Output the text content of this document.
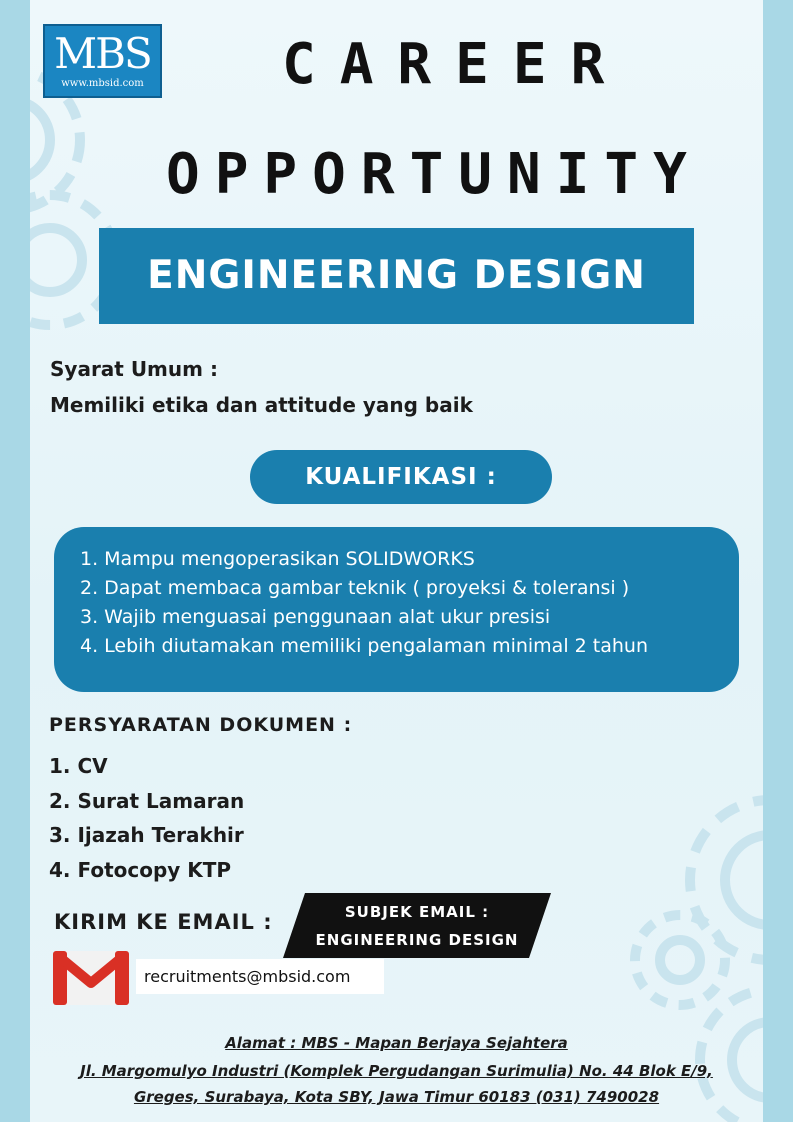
MBS
www.mbsid.com CAREER
OPPORTUNITY
ENGINEERING DESIGN
Syarat Umum :
Memiliki etika dan attitude yang baik
KUALIFIKASI :
1. Mampu mengoperasikan SOLIDWORKS
2. Dapat membaca gambar teknik ( proyeksi & toleransi )
3. Wajib menguasai penggunaan alat ukur presisi
4. Lebih diutamakan memiliki pengalaman minimal 2 tahun
PERSYARATAN DOKUMEN :
1. CV
2. Surat Lamaran
3. Ijazah Terakhir
4. Fotocopy KTP
KIRIM KE EMAIL :	SUBJEK EMAIL :
ENGINEERING DESIGN
recruitments@mbsid.com
Alamat : MBS - Mapan Berjaya Sejahtera
Jl. Margomulyo Industri (Komplek Pergudangan Surimulia) No. 44 Blok E/9,
Greges, Surabaya, Kota SBY, Jawa Timur 60183 (031) 7490028
